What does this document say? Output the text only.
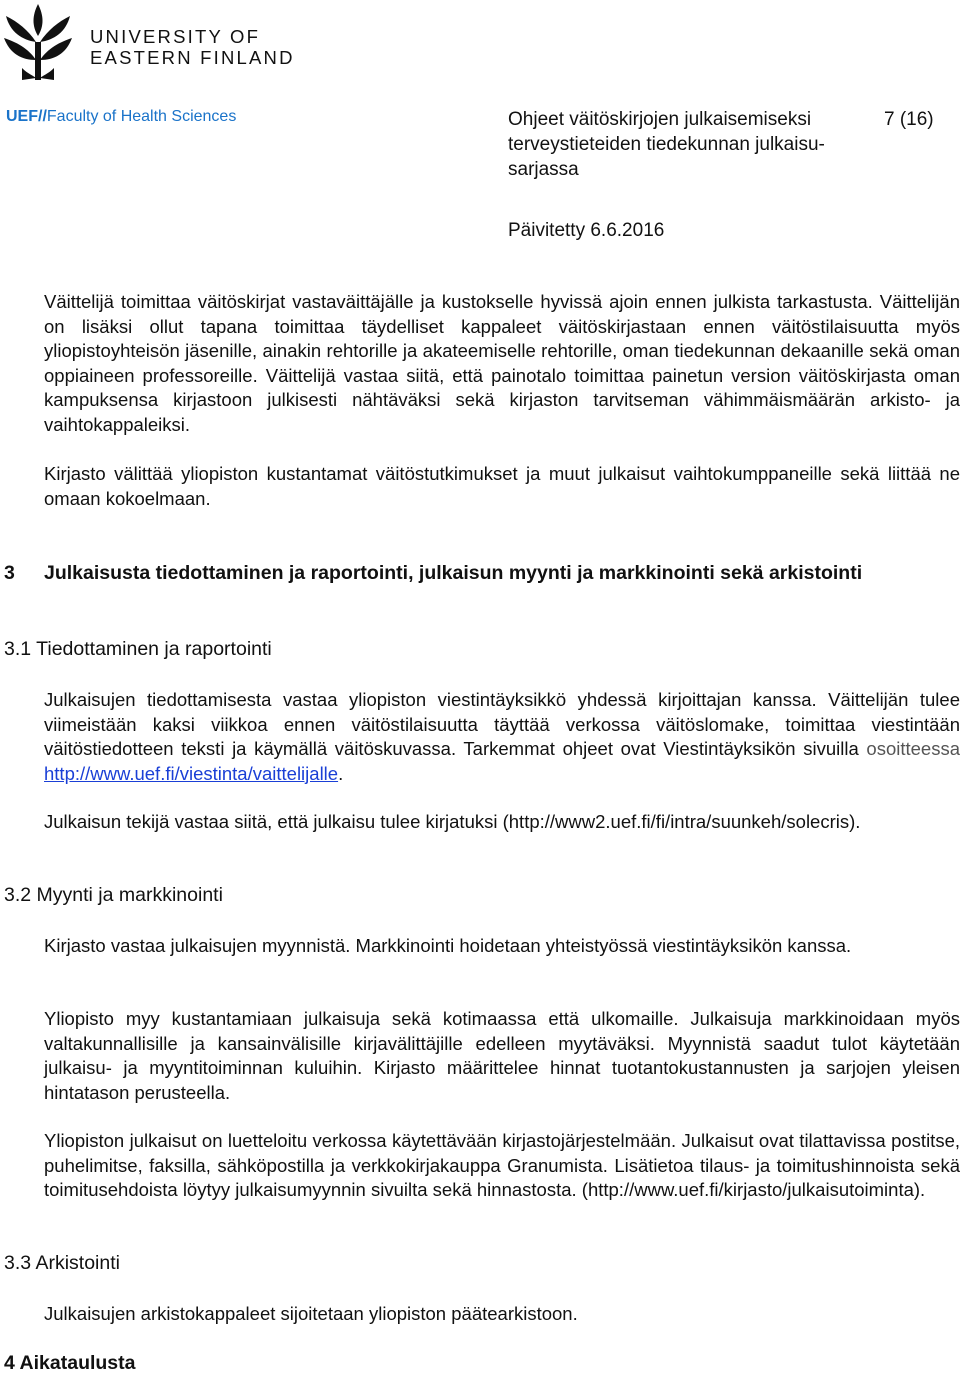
UNIVERSITY OF
EASTERN FINLAND
UEF//Faculty of Health Sciences	Ohjeet väitöskirjojen julkaisemiseksi terveystieteiden tiedekunnan julkaisu-sarjassa
7 (16)
Päivitetty 6.6.2016
Väittelijä toimittaa väitöskirjat vastaväittäjälle ja kustokselle hyvissä ajoin ennen julkista tarkastusta. Väittelijän on lisäksi ollut tapana toimittaa täydelliset kappaleet väitöskirjastaan ennen väitöstilaisuutta myös yliopistoyhteisön jäsenille, ainakin rehtorille ja akateemiselle rehtorille, oman tiedekunnan dekaanille sekä oman oppiaineen professoreille. Väittelijä vastaa siitä, että painotalo toimittaa painetun version väitöskirjasta oman kampuksensa kirjastoon julkisesti nähtäväksi sekä kirjaston tarvitseman vähimmäismäärän arkisto- ja vaihtokappaleiksi.
Kirjasto välittää yliopiston kustantamat väitöstutkimukset ja muut julkaisut vaihtokumppaneille sekä liittää ne omaan kokoelmaan.
3 Julkaisusta tiedottaminen ja raportointi, julkaisun myynti ja markkinointi sekä arkistointi
3.1 Tiedottaminen ja raportointi
Julkaisujen tiedottamisesta vastaa yliopiston viestintäyksikkö yhdessä kirjoittajan kanssa. Väittelijän tulee viimeistään kaksi viikkoa ennen väitöstilaisuutta täyttää verkossa väitöslomake, toimittaa viestintään väitöstiedotteen teksti ja käymällä väitöskuvassa. Tarkemmat ohjeet ovat Viestintäyksikön sivuilla osoitteessa http://www.uef.fi/viestinta/vaittelijalle.
Julkaisun tekijä vastaa siitä, että julkaisu tulee kirjatuksi (http://www2.uef.fi/fi/intra/suunkeh/solecris).
3.2 Myynti ja markkinointi
Kirjasto vastaa julkaisujen myynnistä. Markkinointi hoidetaan yhteistyössä viestintäyksikön kanssa.
Yliopisto myy kustantamiaan julkaisuja sekä kotimaassa että ulkomaille. Julkaisuja markkinoidaan myös valtakunnallisille ja kansainvälisille kirjavälittäjille edelleen myytäväksi. Myynnistä saadut tulot käytetään julkaisu- ja myyntitoiminnan kuluihin. Kirjasto määrittelee hinnat tuotantokustannusten ja sarjojen yleisen hintatason perusteella.
Yliopiston julkaisut on luetteloitu verkossa käytettävään kirjastojärjestelmään. Julkaisut ovat tilattavissa postitse, puhelimitse, faksilla, sähköpostilla ja verkkokirjakauppa Granumista. Lisätietoa tilaus- ja toimitushinnoista sekä toimitusehdoista löytyy julkaisumyynnin sivuilta sekä hinnastosta. (http://www.uef.fi/kirjasto/julkaisutoiminta).
3.3 Arkistointi
Julkaisujen arkistokappaleet sijoitetaan yliopiston päätearkistoon.
4 Aikataulusta
